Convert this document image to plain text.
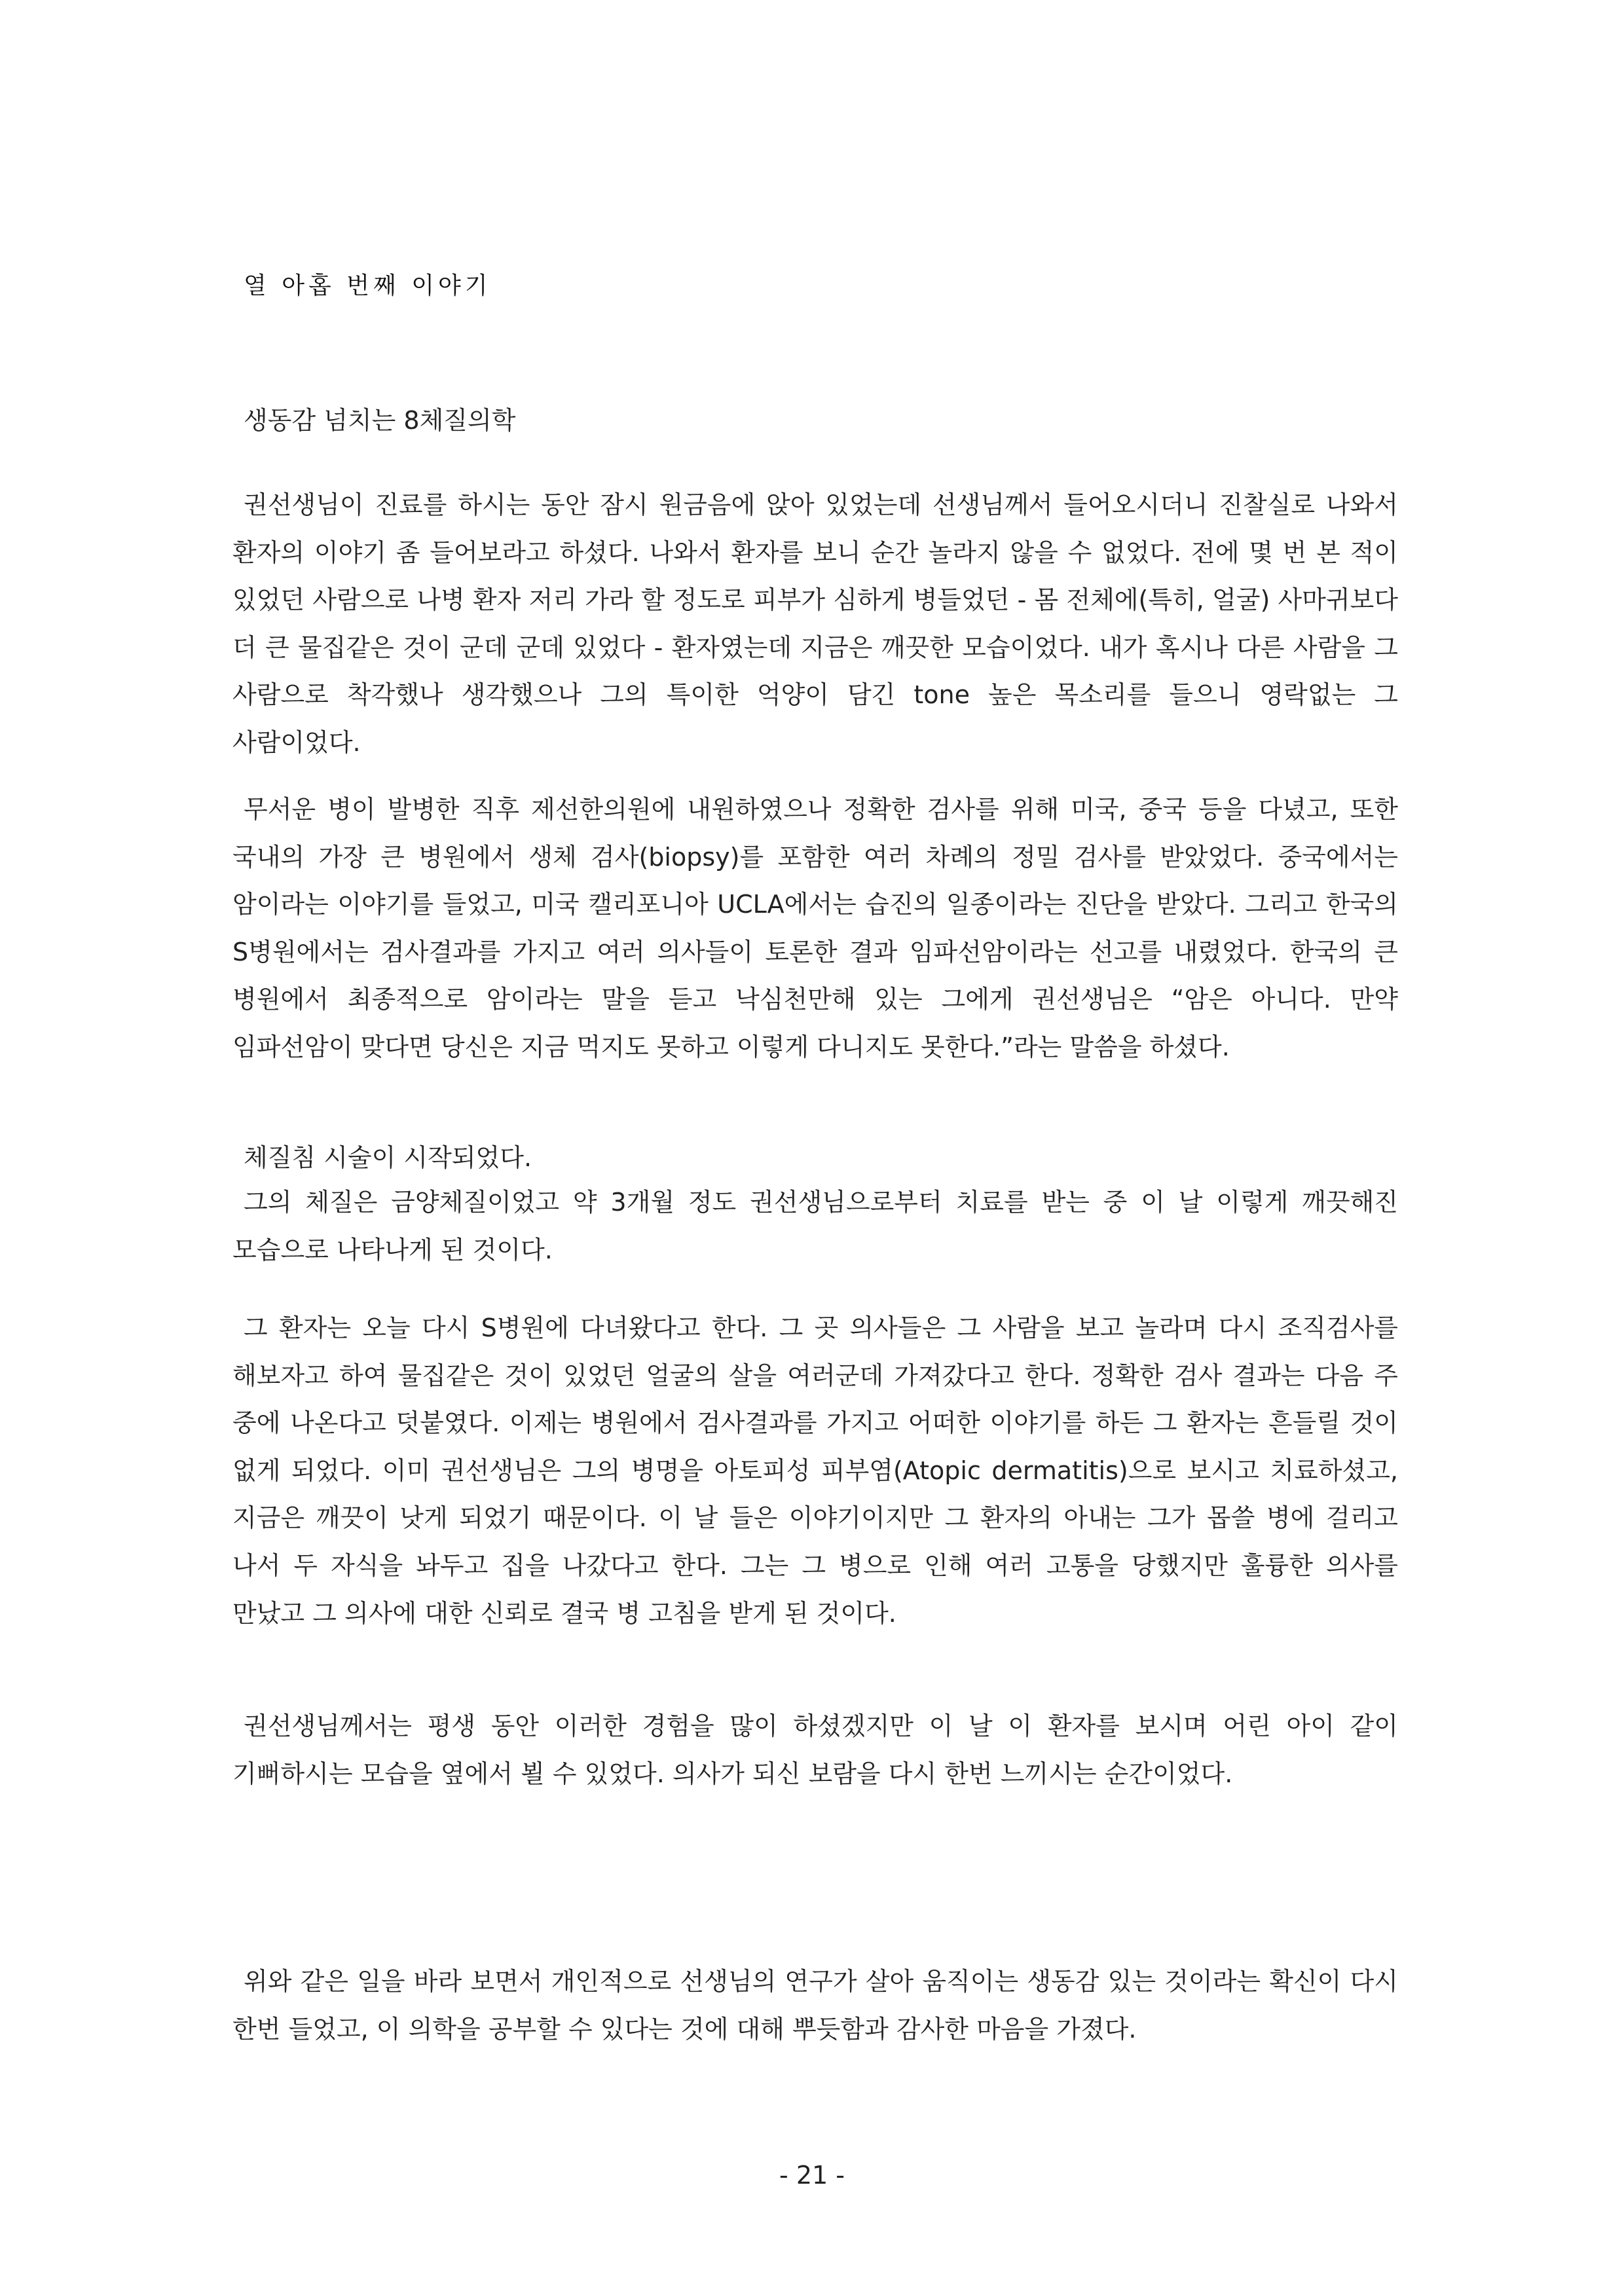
열 아홉 번째 이야기
생동감 넘치는 8체질의학

권선생님이 진료를 하시는 동안 잠시 원금음에 앉아 있었는데 선생님께서 들어오시더니 진찰실로 나와서 환자의 이야기 좀 들어보라고 하셨다. 나와서 환자를 보니 순간 놀라지 않을 수 없었다. 전에 몇 번 본 적이 있었던 사람으로 나병 환자 저리 가라 할 정도로 피부가 심하게 병들었던 - 몸 전체에(특히, 얼굴) 사마귀보다 더 큰 물집같은 것이 군데 군데 있었다 - 환자였는데 지금은 깨끗한 모습이었다. 내가 혹시나 다른 사람을 그 사람으로 착각했나 생각했으나 그의 특이한 억양이 담긴 tone 높은 목소리를 들으니 영락없는 그 사람이었다.

무서운 병이 발병한 직후 제선한의원에 내원하였으나 정확한 검사를 위해 미국, 중국 등을 다녔고, 또한 국내의 가장 큰 병원에서 생체 검사(biopsy)를 포함한 여러 차례의 정밀 검사를 받았었다. 중국에서는 암이라는 이야기를 들었고, 미국 캘리포니아 UCLA에서는 습진의 일종이라는 진단을 받았다. 그리고 한국의 S병원에서는 검사결과를 가지고 여러 의사들이 토론한 결과 임파선암이라는 선고를 내렸었다. 한국의 큰 병원에서 최종적으로 암이라는 말을 듣고 낙심천만해 있는 그에게 권선생님은 “암은 아니다. 만약 임파선암이 맞다면 당신은 지금 먹지도 못하고 이렇게 다니지도 못한다.”라는 말씀을 하셨다.

체질침 시술이 시작되었다.

그의 체질은 금양체질이었고 약 3개월 정도 권선생님으로부터 치료를 받는 중 이 날 이렇게 깨끗해진 모습으로 나타나게 된 것이다.

그 환자는 오늘 다시 S병원에 다녀왔다고 한다. 그 곳 의사들은 그 사람을 보고 놀라며 다시 조직검사를 해보자고 하여 물집같은 것이 있었던 얼굴의 살을 여러군데 가져갔다고 한다. 정확한 검사 결과는 다음 주 중에 나온다고 덧붙였다. 이제는 병원에서 검사결과를 가지고 어떠한 이야기를 하든 그 환자는 흔들릴 것이 없게 되었다. 이미 권선생님은 그의 병명을 아토피성 피부염(Atopic dermatitis)으로 보시고 치료하셨고, 지금은 깨끗이 낫게 되었기 때문이다. 이 날 들은 이야기이지만 그 환자의 아내는 그가 몹쓸 병에 걸리고 나서 두 자식을 놔두고 집을 나갔다고 한다. 그는 그 병으로 인해 여러 고통을 당했지만 훌륭한 의사를 만났고 그 의사에 대한 신뢰로 결국 병 고침을 받게 된 것이다.

권선생님께서는 평생 동안 이러한 경험을 많이 하셨겠지만 이 날 이 환자를 보시며 어린 아이 같이 기뻐하시는 모습을 옆에서 뵐 수 있었다. 의사가 되신 보람을 다시 한번 느끼시는 순간이었다.

위와 같은 일을 바라 보면서 개인적으로 선생님의 연구가 살아 움직이는 생동감 있는 것이라는 확신이 다시 한번 들었고, 이 의학을 공부할 수 있다는 것에 대해 뿌듯함과 감사한 마음을 가졌다.

- 21 -
